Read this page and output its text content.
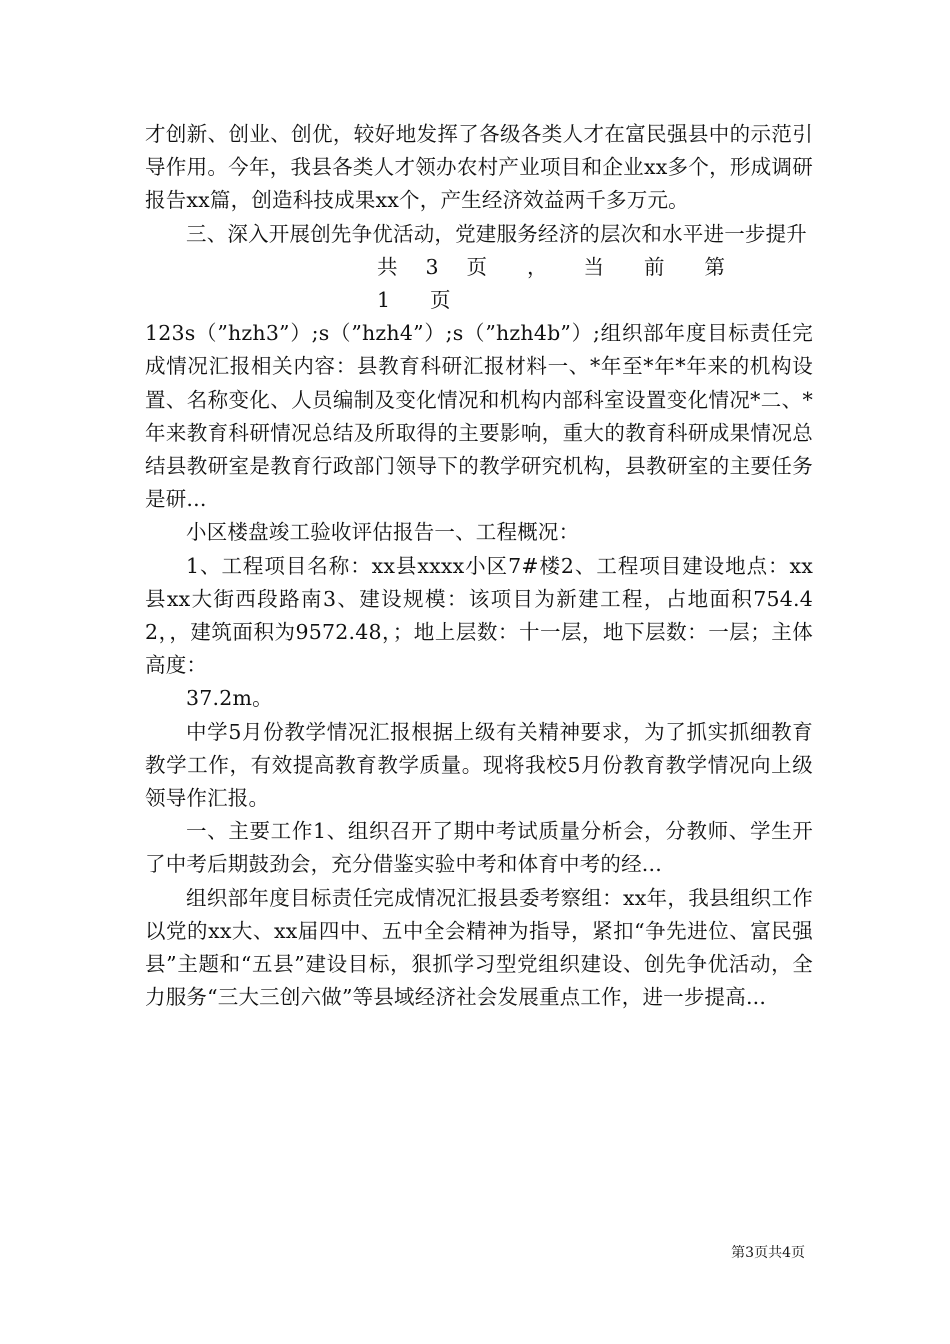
才创新、创业、创优，较好地发挥了各级各类人才在富民强县中的示范引导作用。今年，我县各类人才领办农村产业项目和企业xx多个，形成调研报告xx篇，创造科技成果xx个，产生经济效益两千多万元。

三、深入开展创先争优活动，党建服务经济的层次和水平进一步提升

共 3 页 ， 当 前 第1 页

123s（”hzh3”）;s（”hzh4”）;s（”hzh4b”）;组织部年度目标责任完成情况汇报相关内容：县教育科研汇报材料一、*年至*年*年来的机构设置、名称变化、人员编制及变化情况和机构内部科室设置变化情况*二、*年来教育科研情况总结及所取得的主要影响，重大的教育科研成果情况总结县教研室是教育行政部门领导下的教学研究机构，县教研室的主要任务是研...

小区楼盘竣工验收评估报告一、工程概况：

1、工程项目名称：xx县xxxx小区7#楼2、工程项目建设地点：xx县xx大街西段路南3、建设规模：该项目为新建工程，占地面积754.42，，建筑面积为9572.48，；地上层数：十一层，地下层数：一层；主体高度：

37.2m。

中学5月份教学情况汇报根据上级有关精神要求，为了抓实抓细教育教学工作，有效提高教育教学质量。现将我校5月份教育教学情况向上级领导作汇报。

一、主要工作1、组织召开了期中考试质量分析会，分教师、学生开了中考后期鼓劲会，充分借鉴实验中考和体育中考的经...

组织部年度目标责任完成情况汇报县委考察组：xx年，我县组织工作以党的xx大、xx届四中、五中全会精神为指导，紧扣“争先进位、富民强县”主题和“五县”建设目标，狠抓学习型党组织建设、创先争优活动，全力服务“三大三创六做”等县域经济社会发展重点工作，进一步提高...

第3页共4页
